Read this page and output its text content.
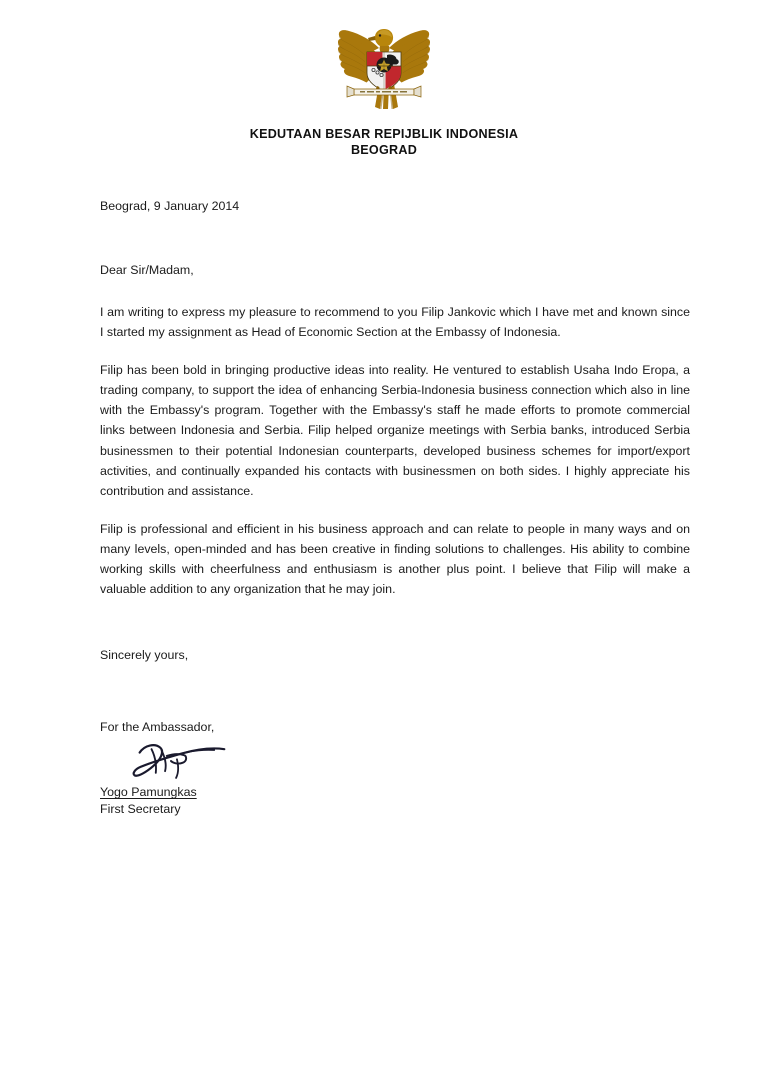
KEDUTAAN BESAR REPIJBLIK INDONESIA
BEOGRAD
Beograd, 9 January 2014
Dear Sir/Madam,

I am writing to express my pleasure to recommend to you Filip Jankovic which I have met and known since I started my assignment as Head of Economic Section at the Embassy of Indonesia.

Filip has been bold in bringing productive ideas into reality. He ventured to establish Usaha Indo Eropa, a trading company, to support the idea of enhancing Serbia-Indonesia business connection which also in line with the Embassy's program. Together with the Embassy's staff he made efforts to promote commercial links between Indonesia and Serbia. Filip helped organize meetings with Serbia banks, introduced Serbia businessmen to their potential Indonesian counterparts, developed business schemes for import/export activities, and continually expanded his contacts with businessmen on both sides. I highly appreciate his contribution and assistance.

Filip is professional and efficient in his business approach and can relate to people in many ways and on many levels, open-minded and has been creative in finding solutions to challenges. His ability to combine working skills with cheerfulness and enthusiasm is another plus point. I believe that Filip will make a valuable addition to any organization that he may join.

Sincerely yours,
For the Ambassador,
Yogo Pamungkas
First Secretary
